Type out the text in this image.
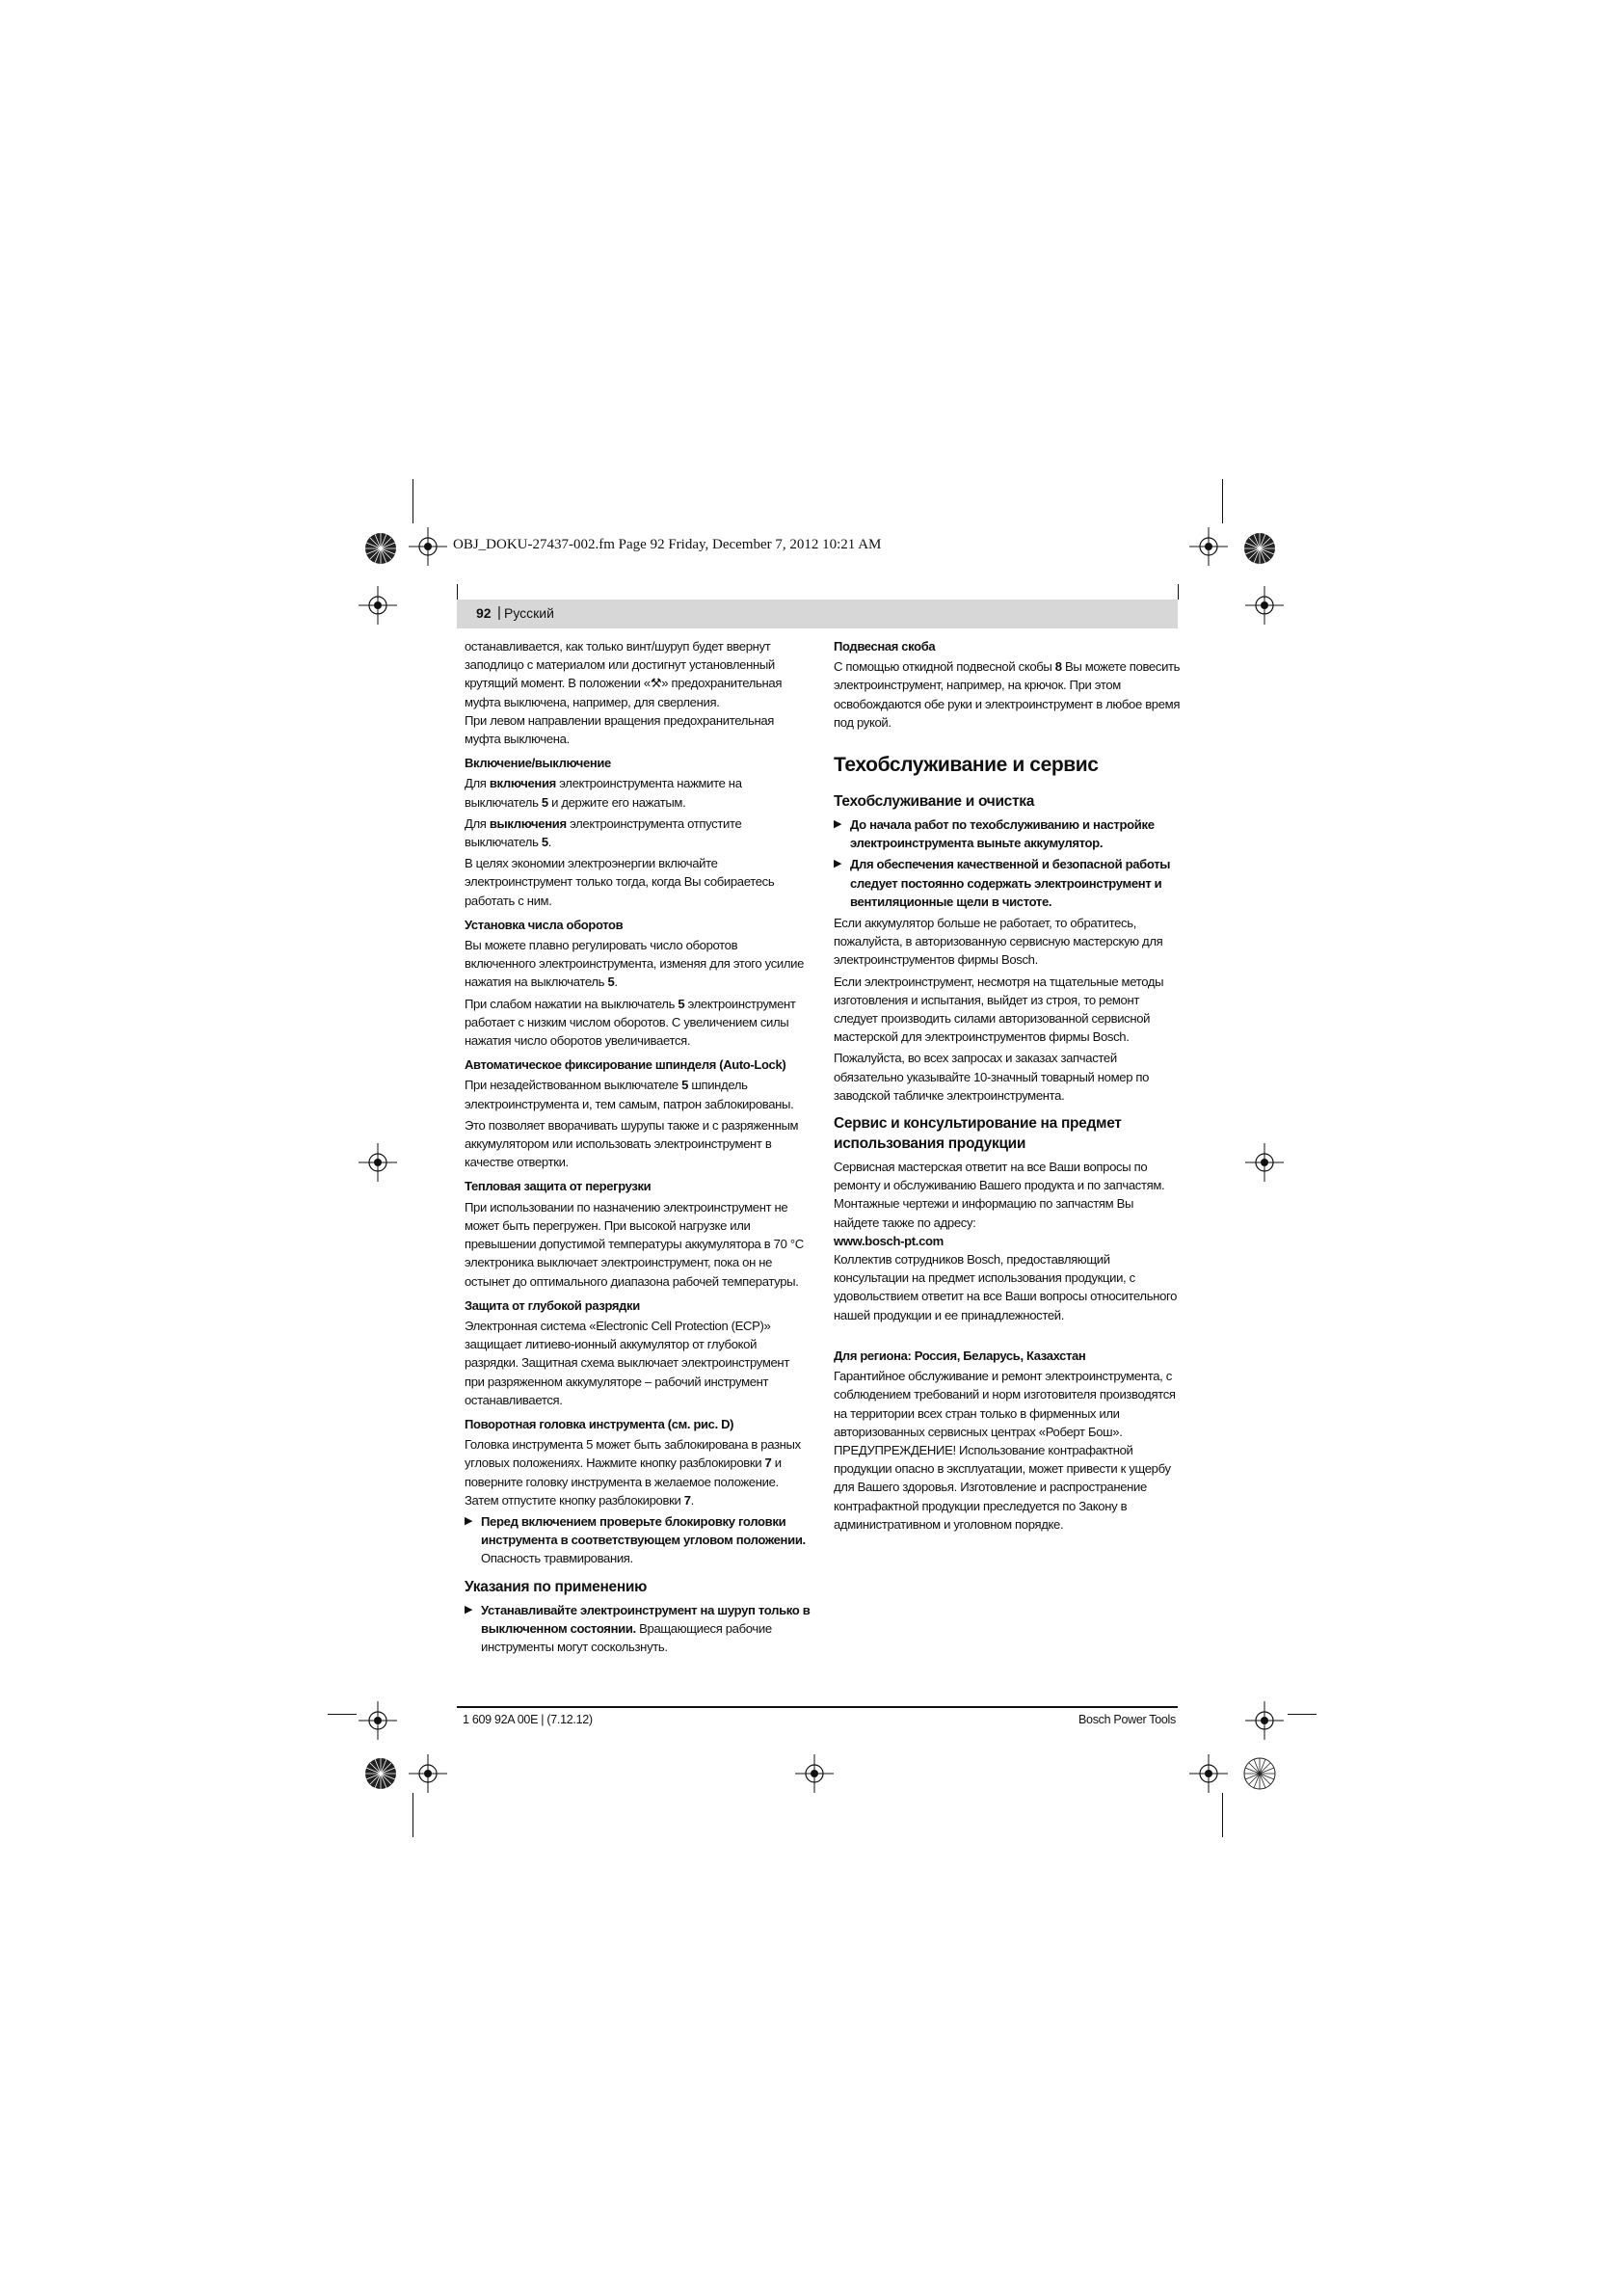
OBJ_DOKU-27437-002.fm Page 92 Friday, December 7, 2012 10:21 AM
92 | Русский

останавливается, как только винт/шуруп будет ввернут заподлицо с материалом или достигнут установленный крутящий момент. В положении «⚒» предохранительная муфта выключена, например, для сверления.

При левом направлении вращения предохранительная муфта выключена.

Включение/выключение

Для включения электроинструмента нажмите на выключатель 5 и держите его нажатым.

Для выключения электроинструмента отпустите выключатель 5.

В целях экономии электроэнергии включайте электроинструмент только тогда, когда Вы собираетесь работать с ним.

Установка числа оборотов

Вы можете плавно регулировать число оборотов включенного электроинструмента, изменяя для этого усилие нажатия на выключатель 5.

При слабом нажатии на выключатель 5 электроинструмент работает с низким числом оборотов. С увеличением силы нажатия число оборотов увеличивается.

Автоматическое фиксирование шпинделя (Auto-Lock)

При незадействованном выключателе 5 шпиндель электроинструмента и, тем самым, патрон заблокированы.

Это позволяет вворачивать шурупы также и с разряженным аккумулятором или использовать электроинструмент в качестве отвертки.

Тепловая защита от перегрузки

При использовании по назначению электроинструмент не может быть перегружен. При высокой нагрузке или превышении допустимой температуры аккумулятора в 70 °C электроника выключает электроинструмент, пока он не остынет до оптимального диапазона рабочей температуры.

Защита от глубокой разрядки

Электронная система «Electronic Cell Protection (ECP)» защищает литиево-ионный аккумулятор от глубокой разрядки. Защитная схема выключает электроинструмент при разряженном аккумуляторе – рабочий инструмент останавливается.

Поворотная головка инструмента (см. рис. D)

Головка инструмента 5 может быть заблокирована в разных угловых положениях. Нажмите кнопку разблокировки 7 и поверните головку инструмента в желаемое положение. Затем отпустите кнопку разблокировки 7.

▶ Перед включением проверьте блокировку головки инструмента в соответствующем угловом положении. Опасность травмирования.
Указания по применению
▶ Устанавливайте электроинструмент на шуруп только в выключенном состоянии. Вращающиеся рабочие инструменты могут соскользнуть.
Подвесная скоба

С помощью откидной подвесной скобы 8 Вы можете повесить электроинструмент, например, на крючок. При этом освобождаются обе руки и электроинструмент в любое время под рукой.

Техобслуживание и сервис
Техобслуживание и очистка
▶ До начала работ по техобслуживанию и настройке электроинструмента выньте аккумулятор.
▶ Для обеспечения качественной и безопасной работы следует постоянно содержать электроинструмент и вентиляционные щели в чистоте.

Если аккумулятор больше не работает, то обратитесь, пожалуйста, в авторизованную сервисную мастерскую для электроинструментов фирмы Bosch.

Если электроинструмент, несмотря на тщательные методы изготовления и испытания, выйдет из строя, то ремонт следует производить силами авторизованной сервисной мастерской для электроинструментов фирмы Bosch.

Пожалуйста, во всех запросах и заказах запчастей обязательно указывайте 10-значный товарный номер по заводской табличке электроинструмента.

Сервис и консультирование на предмет использования продукции

Сервисная мастерская ответит на все Ваши вопросы по ремонту и обслуживанию Вашего продукта и по запчастям. Монтажные чертежи и информацию по запчастям Вы найдете также по адресу:

www.bosch-pt.com

Коллектив сотрудников Bosch, предоставляющий консультации на предмет использования продукции, с удовольствием ответит на все Ваши вопросы относительного нашей продукции и ее принадлежностей.

Для региона: Россия, Беларусь, Казахстан

Гарантийное обслуживание и ремонт электроинструмента, с соблюдением требований и норм изготовителя производятся на территории всех стран только в фирменных или авторизованных сервисных центрах «Роберт Бош».

ПРЕДУПРЕЖДЕНИЕ! Использование контрафактной продукции опасно в эксплуатации, может привести к ущербу для Вашего здоровья. Изготовление и распространение контрафактной продукции преследуется по Закону в административном и уголовном порядке.

1 609 92A 00E | (7.12.12)	Bosch Power Tools
